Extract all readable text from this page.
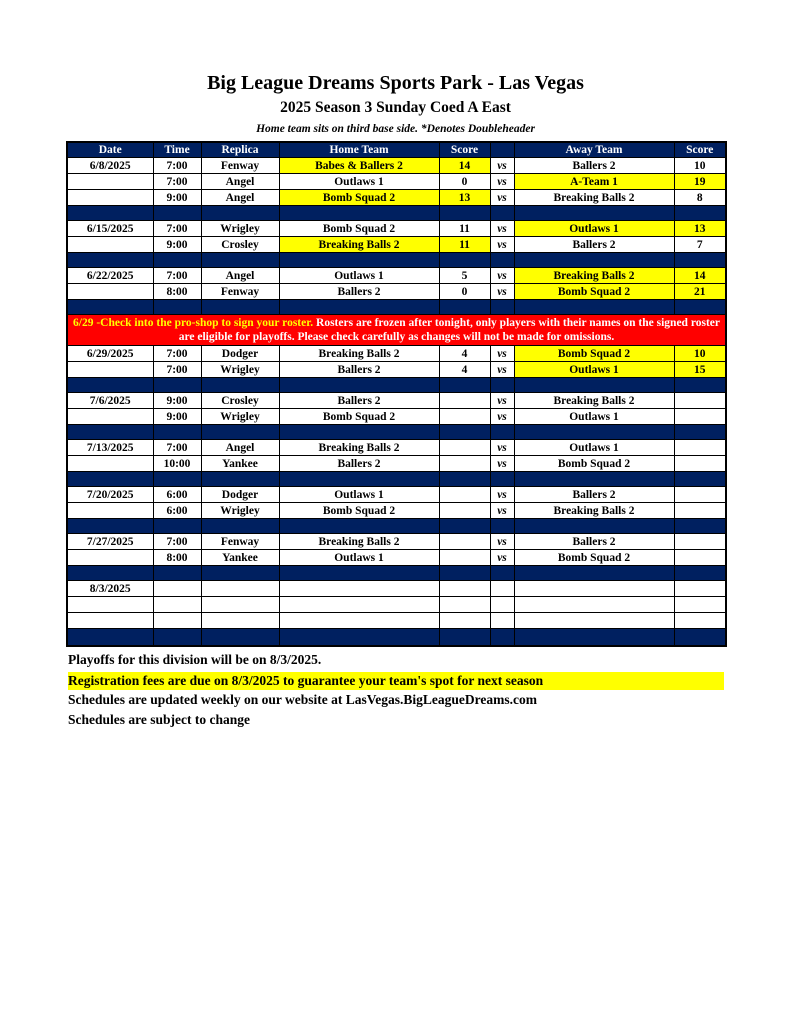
Big League Dreams Sports Park - Las Vegas
2025 Season 3 Sunday Coed A East
Home team sits on third base side. *Denotes Doubleheader
Date	Time	Replica	Home Team	Score		Away Team	Score
6/8/2025	7:00	Fenway	Babes & Ballers 2	14	vs	Ballers 2	10
	7:00	Angel	Outlaws 1	0	vs	A-Team 1	19
	9:00	Angel	Bomb Squad 2	13	vs	Breaking Balls 2	8

6/15/2025	7:00	Wrigley	Bomb Squad 2	11	vs	Outlaws 1	13
	9:00	Crosley	Breaking Balls 2	11	vs	Ballers 2	7

6/22/2025	7:00	Angel	Outlaws 1	5	vs	Breaking Balls 2	14
	8:00	Fenway	Ballers 2	0	vs	Bomb Squad 2	21

6/29 -Check into the pro-shop to sign your roster. Rosters are frozen after tonight, only players with their names on the signed roster are eligible for playoffs. Please check carefully as changes will not be made for omissions.							
6/29/2025	7:00	Dodger	Breaking Balls 2	4	vs	Bomb Squad 2	10
	7:00	Wrigley	Ballers 2	4	vs	Outlaws 1	15

7/6/2025	9:00	Crosley	Ballers 2		vs	Breaking Balls 2	
	9:00	Wrigley	Bomb Squad 2		vs	Outlaws 1	

7/13/2025	7:00	Angel	Breaking Balls 2		vs	Outlaws 1	
	10:00	Yankee	Ballers 2		vs	Bomb Squad 2	

7/20/2025	6:00	Dodger	Outlaws 1		vs	Ballers 2	
	6:00	Wrigley	Bomb Squad 2		vs	Breaking Balls 2	

7/27/2025	7:00	Fenway	Breaking Balls 2		vs	Ballers 2	
	8:00	Yankee	Outlaws 1		vs	Bomb Squad 2	

8/3/2025							

Playoffs for this division will be on 8/3/2025.
Registration fees are due on 8/3/2025 to guarantee your team's spot for next season
Schedules are updated weekly on our website at LasVegas.BigLeagueDreams.com
Schedules are subject to change
